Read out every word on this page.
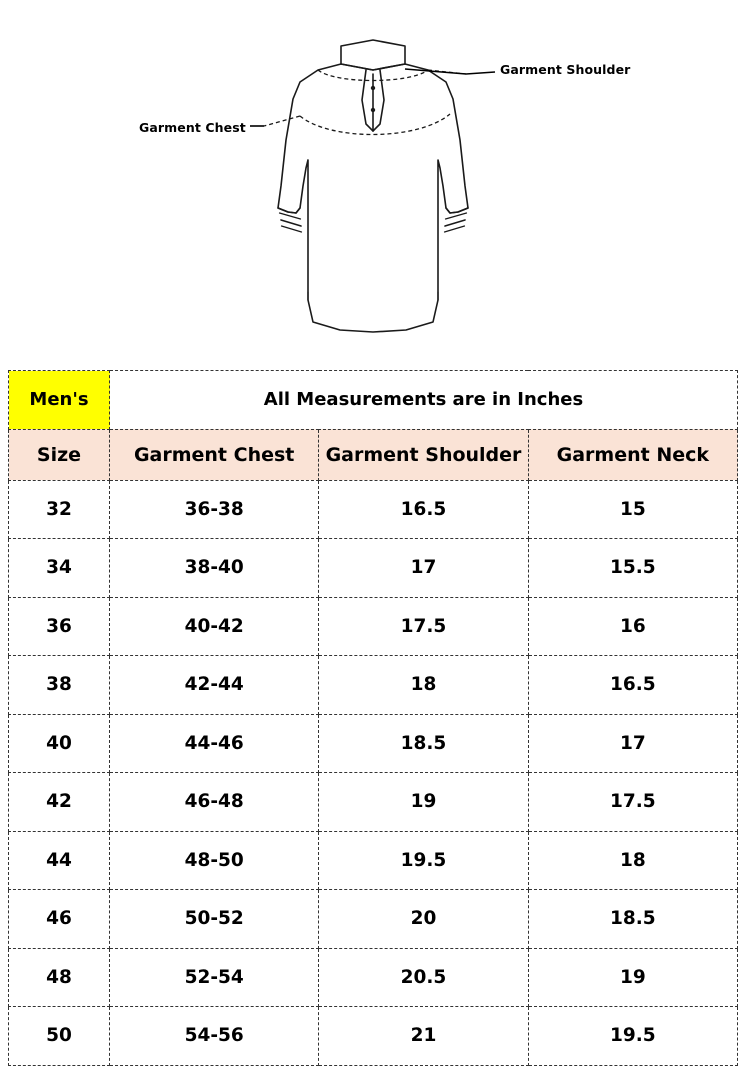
Garment Shoulder
Garment Chest
Men's	All Measurements are in Inches		
Size	Garment Chest	Garment Shoulder	Garment Neck
32	36-38	16.5	15
34	38-40	17	15.5
36	40-42	17.5	16
38	42-44	18	16.5
40	44-46	18.5	17
42	46-48	19	17.5
44	48-50	19.5	18
46	50-52	20	18.5
48	52-54	20.5	19
50	54-56	21	19.5
